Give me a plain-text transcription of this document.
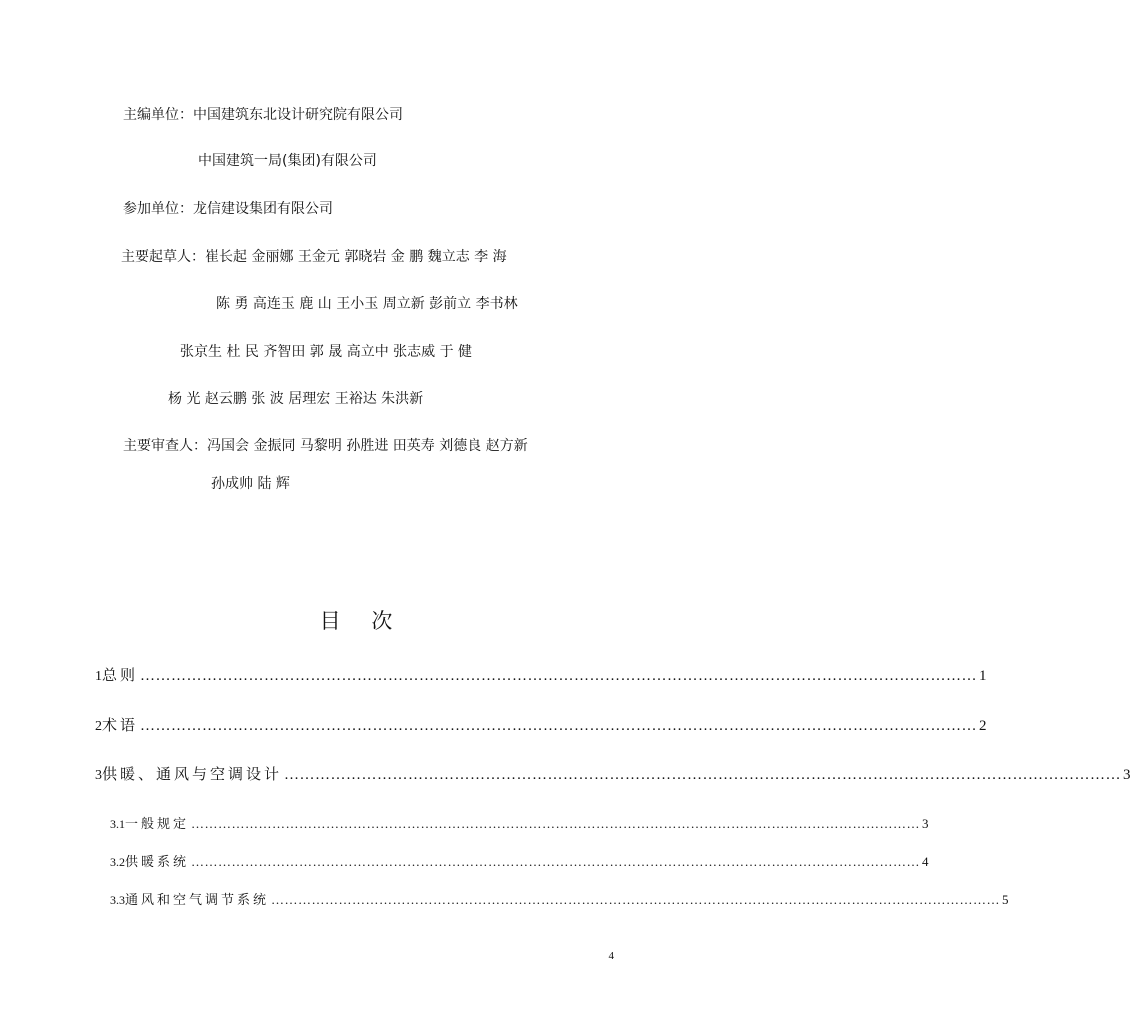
主编单位：中国建筑东北设计研究院有限公司
中国建筑一局(集团)有限公司
参加单位：龙信建设集团有限公司
主要起草人：崔长起 金丽娜 王金元 郭晓岩 金 鹏 魏立志 李 海
陈 勇 高连玉 鹿 山 王小玉 周立新 彭前立 李书林
张京生 杜 民 齐智田 郭 晟 高立中 张志威 于 健
杨 光 赵云鹏 张 波 居理宏 王裕达 朱洪新
主要审查人：冯国会 金振同 马黎明 孙胜进 田英寿 刘德良 赵方新
孙成帅 陆 辉
目 次
1 总则 ……………………………………………………………………………………………………………………………………………… 1
2 术语 ……………………………………………………………………………………………………………………………………………… 2
3 供暖、通风与空调设计 ……………………………………………………………………………………………………………………………………………… 3
3.1 一般规定 ……………………………………………………………………………………………………………………………………………… 3
3.2 供暖系统 ……………………………………………………………………………………………………………………………………………… 4
3.3 通风和空气调节系统 ……………………………………………………………………………………………………………………………………………… 5
4
